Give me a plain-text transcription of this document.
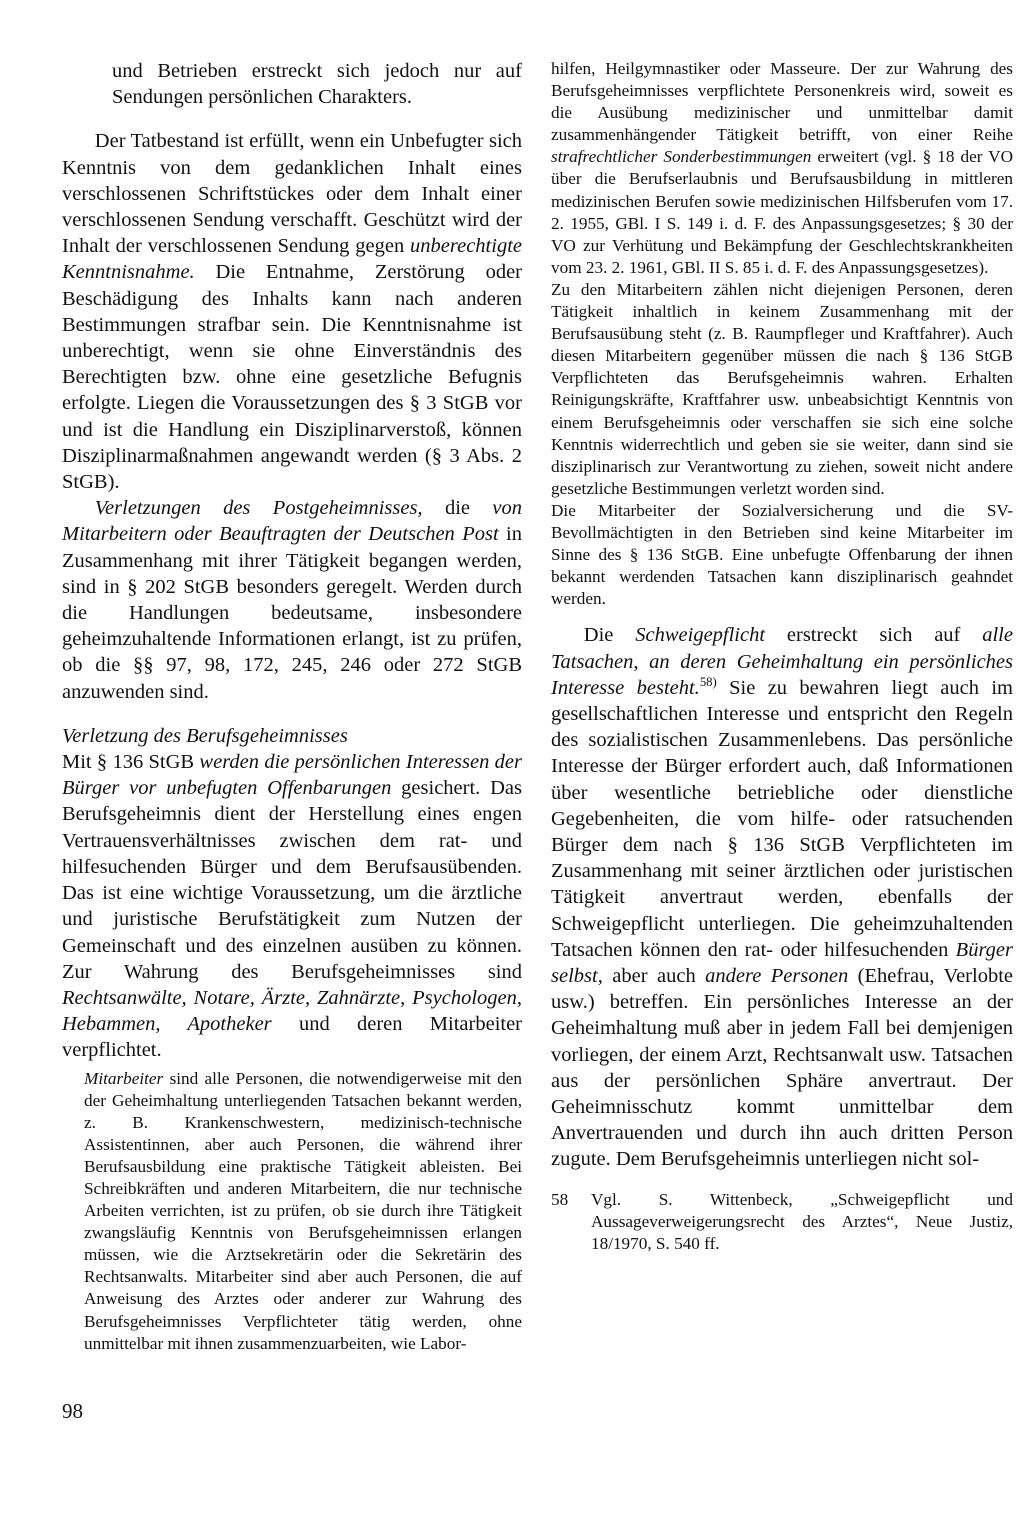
und Betrieben erstreckt sich jedoch nur auf Sendungen persönlichen Charakters.

Der Tatbestand ist erfüllt, wenn ein Unbefugter sich Kenntnis von dem gedanklichen Inhalt eines verschlossenen Schriftstückes oder dem Inhalt einer verschlossenen Sendung verschafft. Geschützt wird der Inhalt der verschlossenen Sendung gegen unberechtigte Kenntnisnahme. Die Entnahme, Zerstörung oder Beschädigung des Inhalts kann nach anderen Bestimmungen strafbar sein. Die Kenntnisnahme ist unberechtigt, wenn sie ohne Einverständnis des Berechtigten bzw. ohne eine gesetzliche Befugnis erfolgte. Liegen die Voraussetzungen des § 3 StGB vor und ist die Handlung ein Disziplinarverstoß, können Disziplinarmaßnahmen angewandt werden (§ 3 Abs. 2 StGB).

Verletzungen des Postgeheimnisses, die von Mitarbeitern oder Beauftragten der Deutschen Post in Zusammenhang mit ihrer Tätigkeit begangen werden, sind in § 202 StGB besonders geregelt. Werden durch die Handlungen bedeutsame, insbesondere geheimzuhaltende Informationen erlangt, ist zu prüfen, ob die §§ 97, 98, 172, 245, 246 oder 272 StGB anzuwenden sind.

Verletzung des Berufsgeheimnisses

Mit § 136 StGB werden die persönlichen Interessen der Bürger vor unbefugten Offenbarungen gesichert. Das Berufsgeheimnis dient der Herstellung eines engen Vertrauensverhältnisses zwischen dem rat- und hilfesuchenden Bürger und dem Berufsausübenden. Das ist eine wichtige Voraussetzung, um die ärztliche und juristische Berufstätigkeit zum Nutzen der Gemeinschaft und des einzelnen ausüben zu können. Zur Wahrung des Berufsgeheimnisses sind Rechtsanwälte, Notare, Ärzte, Zahnärzte, Psychologen, Hebammen, Apotheker und deren Mitarbeiter verpflichtet.

Mitarbeiter sind alle Personen, die notwendigerweise mit den der Geheimhaltung unterliegenden Tatsachen bekannt werden, z. B. Krankenschwestern, medizinisch-technische Assistentinnen, aber auch Personen, die während ihrer Berufsausbildung eine praktische Tätigkeit ableisten. Bei Schreibkräften und anderen Mitarbeitern, die nur technische Arbeiten verrichten, ist zu prüfen, ob sie durch ihre Tätigkeit zwangsläufig Kenntnis von Berufsgeheimnissen erlangen müssen, wie die Arztsekretärin oder die Sekretärin des Rechtsanwalts. Mitarbeiter sind aber auch Personen, die auf Anweisung des Arztes oder anderer zur Wahrung des Berufsgeheimnisses Verpflichteter tätig werden, ohne unmittelbar mit ihnen zusammenzuarbeiten, wie Labor-

hilfen, Heilgymnastiker oder Masseure. Der zur Wahrung des Berufsgeheimnisses verpflichtete Personenkreis wird, soweit es die Ausübung medizinischer und unmittelbar damit zusammenhängender Tätigkeit betrifft, von einer Reihe strafrechtlicher Sonderbestimmungen erweitert (vgl. § 18 der VO über die Berufserlaubnis und Berufsausbildung in mittleren medizinischen Berufen sowie medizinischen Hilfsberufen vom 17. 2. 1955, GBl. I S. 149 i. d. F. des Anpassungsgesetzes; § 30 der VO zur Verhütung und Bekämpfung der Geschlechtskrankheiten vom 23. 2. 1961, GBl. II S. 85 i. d. F. des Anpassungsgesetzes).

Zu den Mitarbeitern zählen nicht diejenigen Personen, deren Tätigkeit inhaltlich in keinem Zusammenhang mit der Berufsausübung steht (z. B. Raumpfleger und Kraftfahrer). Auch diesen Mitarbeitern gegenüber müssen die nach § 136 StGB Verpflichteten das Berufsgeheimnis wahren. Erhalten Reinigungskräfte, Kraftfahrer usw. unbeabsichtigt Kenntnis von einem Berufsgeheimnis oder verschaffen sie sich eine solche Kenntnis widerrechtlich und geben sie sie weiter, dann sind sie disziplinarisch zur Verantwortung zu ziehen, soweit nicht andere gesetzliche Bestimmungen verletzt worden sind.

Die Mitarbeiter der Sozialversicherung und die SV-Bevollmächtigten in den Betrieben sind keine Mitarbeiter im Sinne des § 136 StGB. Eine unbefugte Offenbarung der ihnen bekannt werdenden Tatsachen kann disziplinarisch geahndet werden.

Die Schweigepflicht erstreckt sich auf alle Tatsachen, an deren Geheimhaltung ein persönliches Interesse besteht.$^{58)}$ Sie zu bewahren liegt auch im gesellschaftlichen Interesse und entspricht den Regeln des sozialistischen Zusammenlebens. Das persönliche Interesse der Bürger erfordert auch, daß Informationen über wesentliche betriebliche oder dienstliche Gegebenheiten, die vom hilfe- oder ratsuchenden Bürger dem nach § 136 StGB Verpflichteten im Zusammenhang mit seiner ärztlichen oder juristischen Tätigkeit anvertraut werden, ebenfalls der Schweigepflicht unterliegen. Die geheimzuhaltenden Tatsachen können den rat- oder hilfesuchenden Bürger selbst, aber auch andere Personen (Ehefrau, Verlobte usw.) betreffen. Ein persönliches Interesse an der Geheimhaltung muß aber in jedem Fall bei demjenigen vorliegen, der einem Arzt, Rechtsanwalt usw. Tatsachen aus der persönlichen Sphäre anvertraut. Der Geheimnisschutz kommt unmittelbar dem Anvertrauenden und durch ihn auch dritten Person zugute. Dem Berufsgeheimnis unterliegen nicht sol-

58	Vgl. S. Wittenbeck, „Schweigepflicht und Aussageverweigerungsrecht des Arztes“, Neue Justiz, 18/1970, S. 540 ff.
98
